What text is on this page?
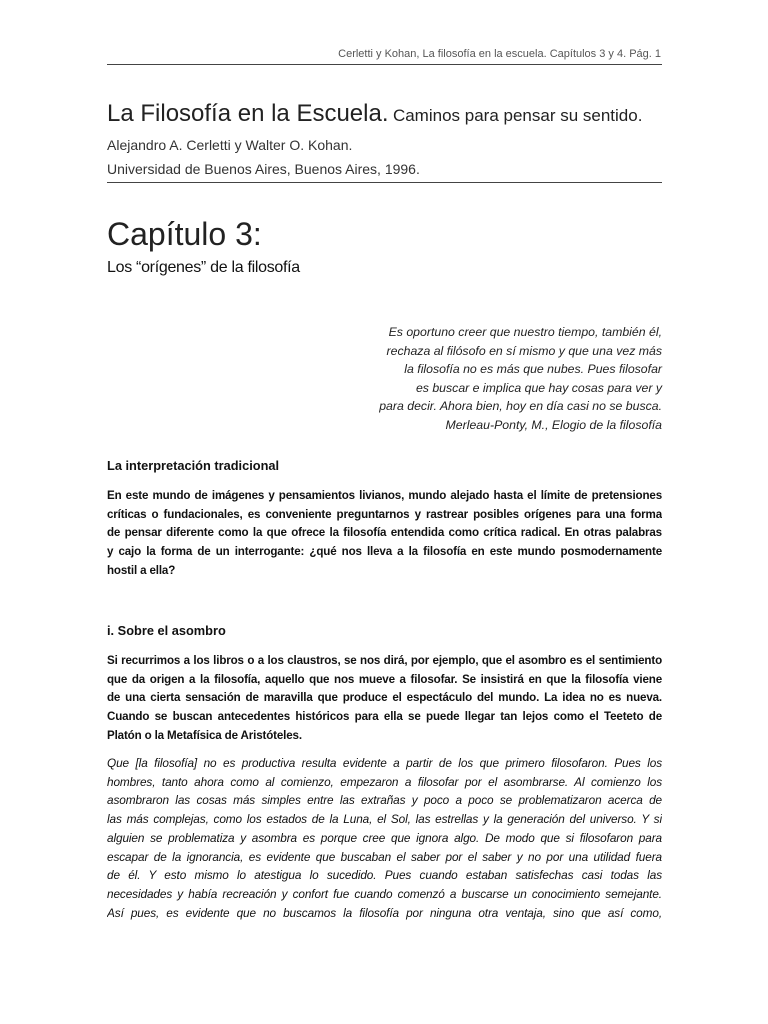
Cerletti y Kohan, La filosofía en la escuela. Capítulos 3 y 4. Pág. 1
La Filosofía en la Escuela. Caminos para pensar su sentido.
Alejandro A. Cerletti y Walter O. Kohan.
Universidad de Buenos Aires, Buenos Aires, 1996.
Capítulo 3:
Los “orígenes” de la filosofía
Es oportuno creer que nuestro tiempo, también él,
rechaza al filósofo en sí mismo y que una vez más
la filosofía no es más que nubes. Pues filosofar
es buscar e implica que hay cosas para ver y
para decir. Ahora bien, hoy en día casi no se busca.
Merleau-Ponty, M., Elogio de la filosofía
La interpretación tradicional
En este mundo de imágenes y pensamientos livianos, mundo alejado hasta el límite de pretensiones
críticas o fundacionales, es conveniente preguntarnos y rastrear posibles orígenes para una forma
de pensar diferente como la que ofrece la filosofía entendida como crítica radical. En otras palabras
y cajo la forma de un interrogante: ¿qué nos lleva a la filosofía en este mundo posmodernamente
hostil a ella?
i. Sobre el asombro
Si recurrimos a los libros o a los claustros, se nos dirá, por ejemplo, que el asombro es el sentimiento
que da origen a la filosofía, aquello que nos mueve a filosofar. Se insistirá en que la filosofía viene
de una cierta sensación de maravilla que produce el espectáculo del mundo. La idea no es nueva.
Cuando se buscan antecedentes históricos para ella se puede llegar tan lejos como el Teeteto de
Platón o la Metafísica de Aristóteles.
Que [la filosofía] no es productiva resulta evidente a partir de los que primero filosofaron. Pues los
hombres, tanto ahora como al comienzo, empezaron a filosofar por el asombrarse. Al comienzo los
asombraron las cosas más simples entre las extrañas y poco a poco se problematizaron acerca de
las más complejas, como los estados de la Luna, el Sol, las estrellas y la generación del universo. Y si
alguien se problematiza y asombra es porque cree que ignora algo. De modo que si filosofaron para
escapar de la ignorancia, es evidente que buscaban el saber por el saber y no por una utilidad fuera
de él. Y esto mismo lo atestigua lo sucedido. Pues cuando estaban satisfechas casi todas las
necesidades y había recreación y confort fue cuando comenzó a buscarse un conocimiento semejante.
Así pues, es evidente que no buscamos la filosofía por ninguna otra ventaja, sino que así como,
